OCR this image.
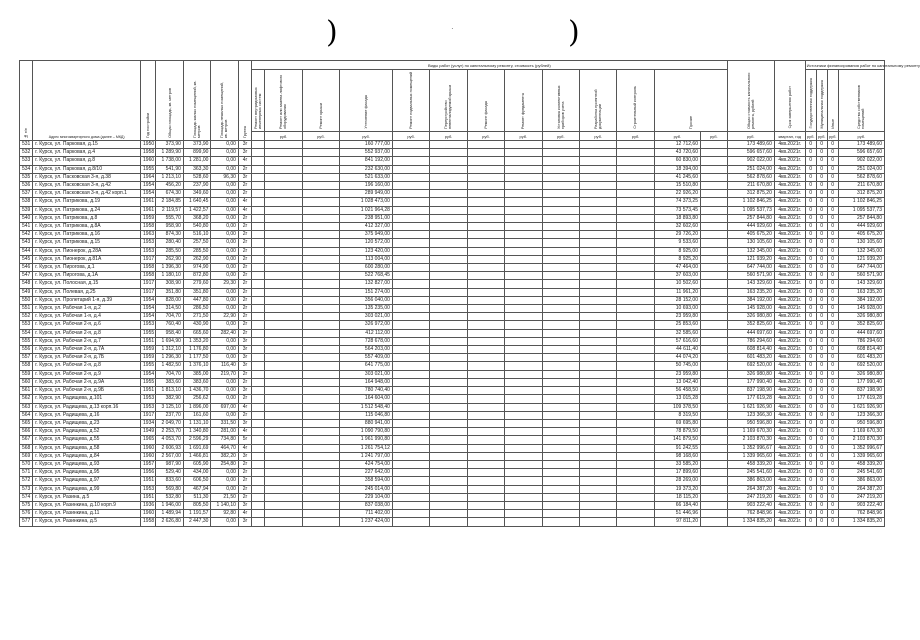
)	·	)
№ п/п	Адрес многоквартирного дома (далее – МКД)	Год постройки	Общая площадь, кв. метров	Площадь жилых помещений, кв. метров	Площадь нежилых помещений, кв. метров	Группа	Виды работ (услуг) по капитальному ремонту, стоимость (рублей)													Общая стоимость капитального ремонта, рублей	Срок завершения работ	Источники финансирования работ по капитальному ремонту			
							Ремонт внутридомовых инженерных систем	Ремонт или замена лифтового оборудования	Ремонт крыши	Утепление фасада	Ремонт подвальных помещений	Переустройство невентилируемой крыши	Ремонт фасада	Ремонт фундамента	Установка коллективных приборов учета	Разработка проектной документации	Строительный контроль	Прочие				Государственная поддержка	Муниципальная поддержка	Иные	Средства собственников помещений
								руб.	руб.	руб.	руб.	руб.	руб.	руб.	руб.	руб.	руб.	руб.	руб.	руб.	квартал, год	руб.	руб.	руб.	руб.
531	г. Курск, ул. Парковая, д.15	1950	373,90	373,90	0,00	3г				160 777,00								12 712,60		173 489,60	4кв.2021г.	0	0	0	173 489,60
532	г. Курск, ул. Парковая, д.4	1958	1 289,90	899,90	0,00	3г				552 937,00								43 720,60		596 657,60	4кв.2021г.	0	0	0	596 657,60
533	г. Курск, ул. Парковая, д.8	1960	1 738,00	1 281,00	0,00	4г				841 192,00								60 830,00		902 022,00	4кв.2021г.	0	0	0	902 022,00
534	г. Курск, ул. Парковая, д.8/10	1955	541,90	363,30	0,00	2г				232 630,00								18 394,00		251 024,00	4кв.2021г.	0	0	0	251 024,00
535	г. Курск, ул. Пасковская 3-я, д.38	1964	1 213,10	528,60	96,30	3г				521 633,00								41 245,60		562 878,60	4кв.2021г.	0	0	0	562 878,60
536	г. Курск, ул. Пасковская 3-я, д.42	1954	456,20	237,90	0,00	2г				196 160,00								15 510,80		211 670,80	4кв.2021г.	0	0	0	211 670,80
537	г. Курск, ул. Пасковская 3-я, д.42 корп.1	1954	674,30	349,60	0,00	2г				289 949,00								22 926,20		312 875,20	4кв.2021г.	0	0	0	312 875,20
538	г. Курск, ул. Патрикова, д.19	1961	2 184,85	1 640,45	0,00	4г				1 028 473,00								74 373,25		1 102 846,25	4кв.2021г.	0	0	0	1 102 846,25
539	г. Курск, ул. Патрикова, д.24	1961	2 119,57	1 422,57	0,00	4г				1 021 964,28								73 573,45		1 095 537,73	4кв.2021г.	0	0	0	1 095 537,73
540	г. Курск, ул. Патрикова, д.8	1959	555,70	368,20	0,00	2г				238 951,00								18 893,80		257 844,80	4кв.2021г.	0	0	0	257 844,80
541	г. Курск, ул. Патрикова, д.8А	1958	958,90	540,80	0,00	2г				412 327,00								32 602,60		444 929,60	4кв.2021г.	0	0	0	444 929,60
542	г. Курск, ул. Патрикова, д.16	1963	874,30	516,10	0,00	2г				375 949,00								29 726,20		405 675,20	4кв.2021г.	0	0	0	405 675,20
543	г. Курск, ул. Патрикова, д.15	1953	280,40	257,50	0,00	2г				120 572,00								9 533,60		130 105,60	4кв.2021г.	0	0	0	130 105,60
544	г. Курск, ул. Пионерок, д.28А	1953	285,50	285,50	0,00	2г				123 420,00								8 925,00		132 345,00	4кв.2021г.	0	0	0	132 345,00
545	г. Курск, ул. Пионерок, д.81А	1917	262,90	262,90	0,00	2г				113 004,00								8 925,20		121 939,20	4кв.2021г.	0	0	0	121 939,20
546	г. Курск, ул. Пирогова, д.1	1958	1 396,30	974,90	0,00	2г				600 280,00								47 464,00		647 744,00	4кв.2021г.	0	0	0	647 744,00
547	г. Курск, ул. Пирогова, д.1А	1958	1 180,10	872,80	0,00	2г				522 768,45								37 603,00		560 571,90	4кв.2021г.	0	0	0	560 571,90
548	г. Курск, ул. Полосная, д.15	1917	308,90	279,60	29,30	2г				132 827,00								10 502,60		143 329,60	4кв.2021г.	0	0	0	143 329,60
549	г. Курск, ул. Полевая, д.25	1917	351,80	351,80	0,00	2г				151 274,00								11 961,20		163 235,20	4кв.2021г.	0	0	0	163 235,20
550	г. Курск, ул. Пролетарий 1-я, д.39	1954	828,00	447,80	0,00	2г				356 040,00								28 152,00		384 192,00	4кв.2021г.	0	0	0	384 192,00
551	г. Курск, ул. Рабочая 1-я, д.2	1954	314,50	286,50	0,00	2г				135 235,00								10 693,00		145 928,00	4кв.2021г.	0	0	0	145 928,00
552	г. Курск, ул. Рабочая 1-я, д.4	1954	704,70	271,50	22,90	2г				303 021,00								23 959,80		326 980,80	4кв.2021г.	0	0	0	326 980,80
553	г. Курск, ул. Рабочая 2-я, д.6	1953	760,40	430,90	0,00	2г				326 972,00								25 853,60		352 825,60	4кв.2021г.	0	0	0	352 825,60
554	г. Курск, ул. Рабочая 2-я, д.8	1955	958,40	665,60	282,40	2г				412 112,00								32 585,60		444 697,60	4кв.2021г.	0	0	0	444 697,60
555	г. Курск, ул. Рабочая 2-я, д.7	1951	1 694,90	1 353,20	0,00	3г				728 678,00								57 616,60		786 294,60	4кв.2021г.	0	0	0	786 294,60
556	г. Курск, ул. Рабочая 2-я, д.7А	1959	1 312,10	1 176,80	0,00	3г				564 203,00								44 611,40		608 814,40	4кв.2021г.	0	0	0	608 814,40
557	г. Курск, ул. Рабочая 2-я, д.7Б	1959	1 296,30	1 177,50	0,00	3г				557 409,00								44 074,20		601 483,20	4кв.2021г.	0	0	0	601 483,20
558	г. Курск, ул. Рабочая 2-я, д.8	1955	1 482,50	1 376,10	116,40	3г				641 775,00								50 745,00		692 520,00	4кв.2021г.	0	0	0	692 520,00
559	г. Курск, ул. Рабочая 2-я, д.9	1954	704,70	385,00	219,70	2г				303 021,00								23 959,80		326 980,80	4кв.2021г.	0	0	0	326 980,80
560	г. Курск, ул. Рабочая 2-я, д.9А	1955	383,60	383,60	0,00	2г				164 948,00								13 042,40		177 990,40	4кв.2021г.	0	0	0	177 990,40
561	г. Курск, ул. Рабочая 2-я, д.9Б	1951	1 813,10	1 436,70	0,00	3г				780 740,40								56 458,50		837 198,90	4кв.2021г.	0	0	0	837 198,90
562	г. Курск, ул. Радищева, д.101	1953	382,90	256,62	0,00	2г				164 604,00								13 015,28		177 619,28	4кв.2021г.	0	0	0	177 619,28
563	г. Курск, ул. Радищева, д.13 корп.16	1953	3 125,10	1 896,00	697,00	4г				1 512 548,40								109 378,50		1 621 926,90	4кв.2021г.	0	0	0	1 621 926,90
564	г. Курск, ул. Радищева, д.16	1917	237,70	161,60	0,00	2г				115 046,80								8 319,50		123 366,30	4кв.2021г.	0	0	0	123 366,30
565	г. Курск, ул. Радищева, д.23	1934	2 049,70	1 131,10	331,50	3г				880 941,00								69 695,80		950 596,80	4кв.2021г.	0	0	0	950 596,80
566	г. Курск, ул. Радищева, д.52	1949	2 253,70	1 340,80	281,00	4г				1 090 790,80								78 879,50		1 169 670,30	4кв.2021г.	0	0	0	1 169 670,30
567	г. Курск, ул. Радищева, д.55	1965	4 053,70	2 596,29	734,80	5г				1 961 990,80								141 879,50		2 103 870,30	4кв.2021г.	0	0	0	2 103 870,30
568	г. Курск, ул. Радищева, д.58	1960	2 606,93	1 691,69	464,70	4г				1 261 754,12								91 242,55		1 352 996,67	4кв.2021г.	0	0	0	1 352 996,67
569	г. Курск, ул. Радищева, д.84	1960	2 567,00	1 466,81	382,20	3г				1 241 797,00								98 168,60		1 339 965,60	4кв.2021г.	0	0	0	1 339 965,60
570	г. Курск, ул. Радищева, д.93	1957	987,90	605,90	254,80	2г				424 754,00								33 585,20		458 339,20	4кв.2021г.	0	0	0	458 339,20
571	г. Курск, ул. Радищева, д.95	1956	529,40	434,00	0,00	2г				227 642,00								17 899,60		245 541,60	4кв.2021г.	0	0	0	245 541,60
572	г. Курск, ул. Радищева, д.97	1951	833,60	606,50	0,00	2г				358 594,00								28 269,00		386 863,00	4кв.2021г.	0	0	0	386 863,00
573	г. Курск, ул. Радищева, д.99	1953	569,80	467,94	0,00	2г				245 014,00								19 373,20		264 387,20	4кв.2021г.	0	0	0	264 387,20
574	г. Курск, ул. Разина, д.5	1951	532,80	511,30	21,50	2г				229 104,00								18 115,20		247 219,20	4кв.2021г.	0	0	0	247 219,20
575	г. Курск, ул. Разинкина, д.10 корп.9	1936	1 946,00	805,50	1 140,10	3г				837 038,00								66 184,40		903 222,40	4кв.2021г.	0	0	0	903 222,40
576	г. Курск, ул. Разинкина, д.11	1960	1 489,94	1 191,57	92,80	4г				711 402,00								51 446,96		762 848,96	4кв.2021г.	0	0	0	762 848,96
577	г. Курск, ул. Разинкина, д.5	1958	2 626,80	2 447,30	0,00	3г				1 237 424,00								97 811,20		1 334 835,20	4кв.2021г.	0	0	0	1 334 835,20
